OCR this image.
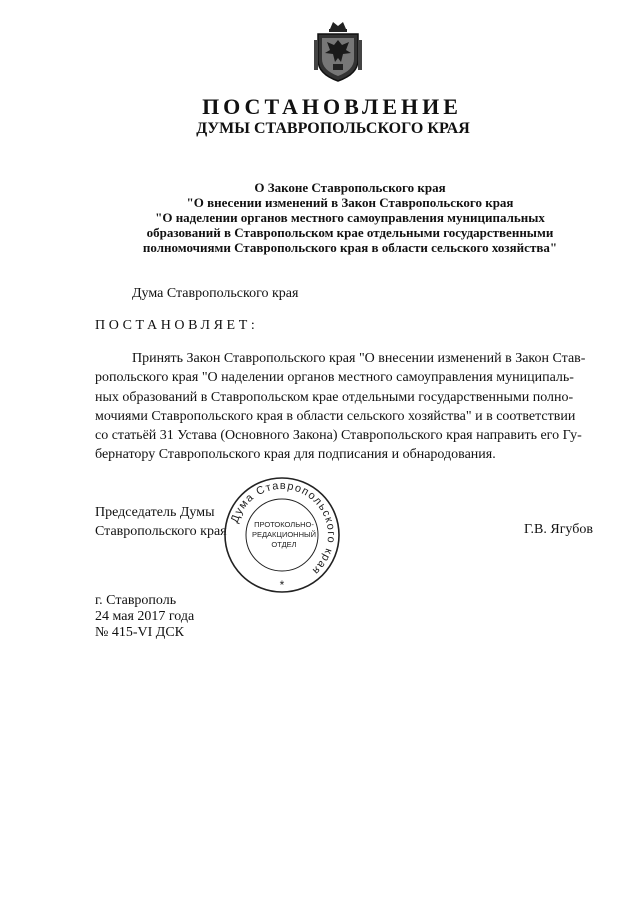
ПОСТАНОВЛЕНИЕ
ДУМЫ СТАВРОПОЛЬСКОГО КРАЯ
О Законе Ставропольского края
"О внесении изменений в Закон Ставропольского края
"О наделении органов местного самоуправления муниципальных
образований в Ставропольском крае отдельными государственными
полномочиями Ставропольского края в области сельского хозяйства"
Дума Ставропольского края
ПОСТАНОВЛЯЕТ:
Принять Закон Ставропольского края "О внесении изменений в Закон Став-
ропольского края "О наделении органов местного самоуправления муниципаль-
ных образований в Ставропольском крае отдельными государственными полно-
мочиями Ставропольского края в области сельского хозяйства" и в соответствии
со статьёй 31 Устава (Основного Закона) Ставропольского края направить его Гу-
бернатору Ставропольского края для подписания и обнародования.
Председатель Думы
Ставропольского края	Г.В. Ягубов
Дума Ставропольского края
ПРОТОКОЛЬНО-
РЕДАКЦИОННЫЙ
ОТДЕЛ
*
г. Ставрополь
24 мая 2017 года
№ 415-VI ДСК
